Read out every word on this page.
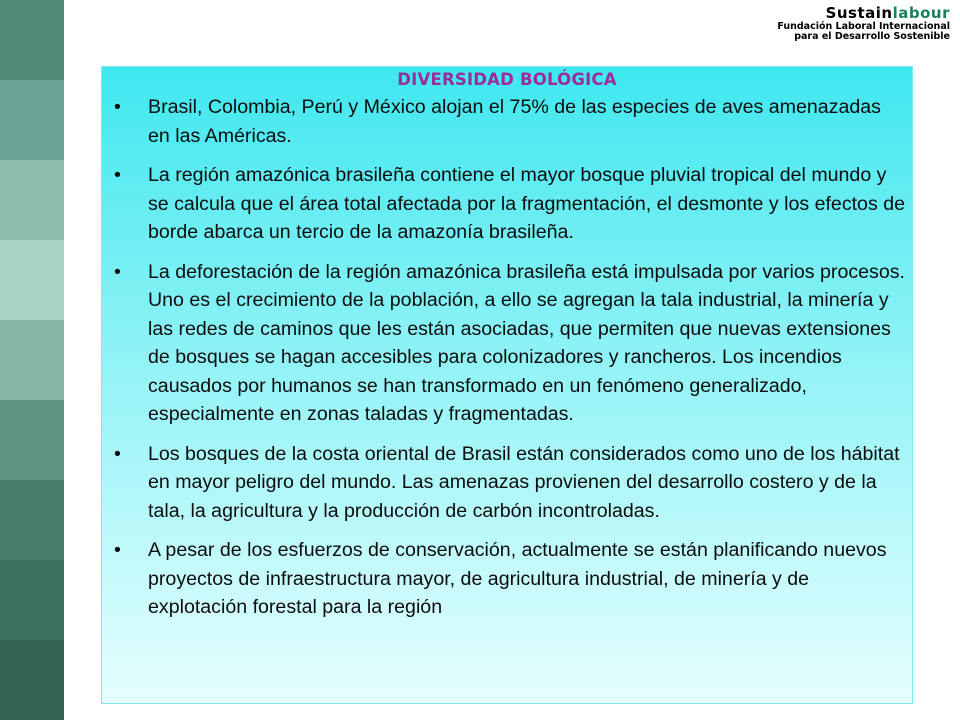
Sustainlabour
Fundación Laboral Internacional
para el Desarrollo Sostenible
DIVERSIDAD BOLÓGICA
• Brasil, Colombia, Perú y México alojan el 75% de las especies de aves amenazadas en las Américas.
• La región amazónica brasileña contiene el mayor bosque pluvial tropical del mundo y se calcula que el área total afectada por la fragmentación, el desmonte y los efectos de borde abarca un tercio de la amazonía brasileña.
• La deforestación de la región amazónica brasileña está impulsada por varios procesos. Uno es el crecimiento de la población, a ello se agregan la tala industrial, la minería y las redes de caminos que les están asociadas, que permiten que nuevas extensiones de bosques se hagan accesibles para colonizadores y rancheros. Los incendios causados por humanos se han transformado en un fenómeno generalizado, especialmente en zonas taladas y fragmentadas.
• Los bosques de la costa oriental de Brasil están considerados como uno de los hábitat en mayor peligro del mundo. Las amenazas provienen del desarrollo costero y de la tala, la agricultura y la producción de carbón incontroladas.
• A pesar de los esfuerzos de conservación, actualmente se están planificando nuevos proyectos de infraestructura mayor, de agricultura industrial, de minería y de explotación forestal para la región
